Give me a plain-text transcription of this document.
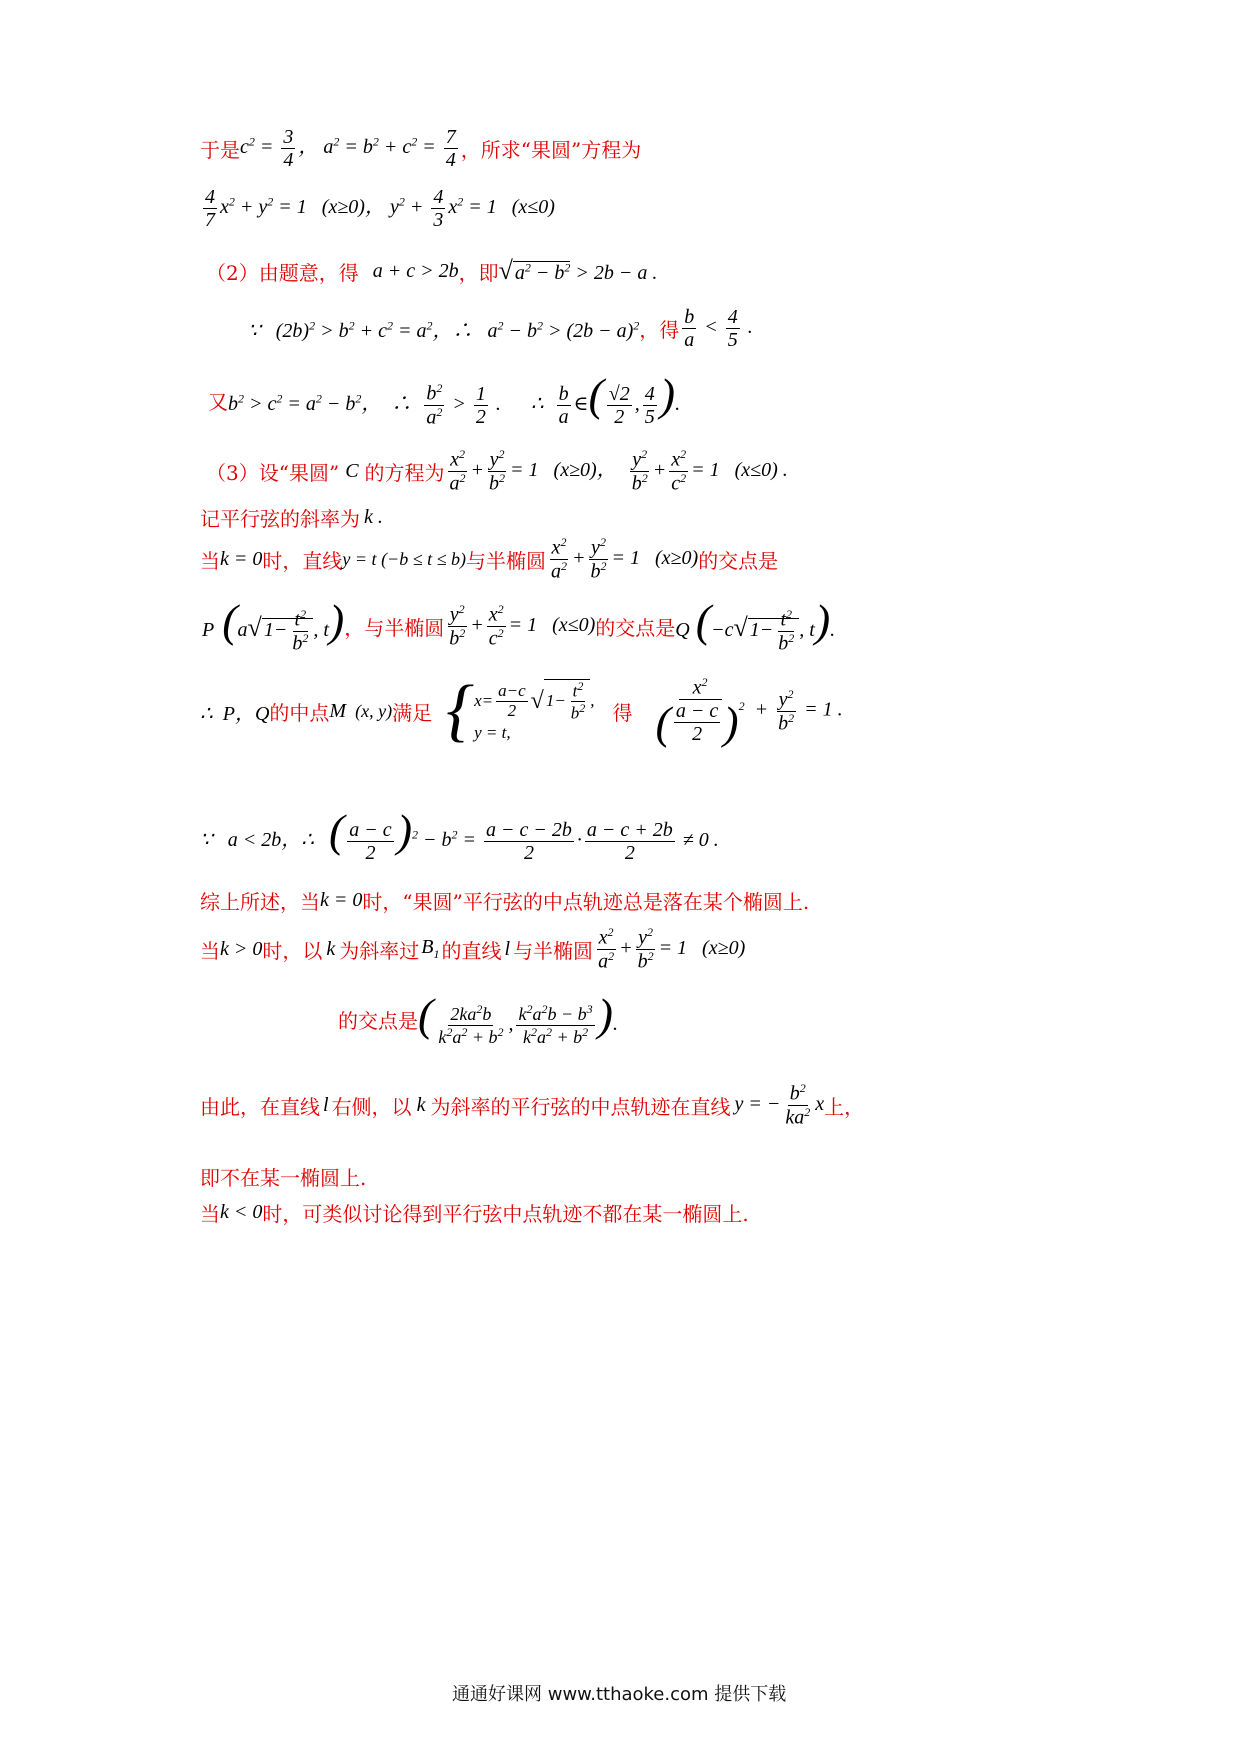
于是 $c^2 = \frac{3}{4}$ ， $a^2 = b^2 + c^2 = \frac{7}{4}$ ，所求“果圆”方程为
$\frac{4}{7} x^2 + y^2 = 1$   (x≥0)， $y^2 + \frac{4}{3} x^2 = 1$   (x≤0)
（2）由题意，得 a + c > 2b ，即 √ $a^2 - b^2 > 2b - a$ .
∵   $(2b)^2 > b^2 + c^2 = a^2$，∴   $a^2 - b^2 > (2b - a)^2$ ，得 $\frac{b}{a} < \frac{4}{5}$ .
又 $b^2 > c^2 = a^2 - b^2$，  ∴ $\frac{b^2}{a^2} > \frac{1}{2}$ .      ∴ $\frac{b}{a}$ ∈( $\frac{√2}{2}$ , $\frac{4}{5}$ ).
（3）设“果圆” C 的方程为 $\frac{x^2}{a^2} + \frac{y^2}{b^2} = 1$   (x≥0)， $\frac{y^2}{b^2} + \frac{x^2}{c^2} = 1$   (x≤0) .
记平行弦的斜率为 k .
当 k = 0 时，直线 y = t (−b ≤ t ≤ b) 与半椭圆 $\frac{x^2}{a^2} + \frac{y^2}{b^2} = 1$   (x≥0) 的交点是
P (a√ $1- \frac{t^2}{b^2}$ , t) ，与半椭圆 $\frac{y^2}{b^2} + \frac{x^2}{c^2} = 1$   (x≤0) 的交点是 Q (−c√ $1- \frac{t^2}{b^2}$ , t).
∴  P，Q 的中点 M  (x, y) 满足 { $x = \frac{a-c}{2}$ √ $1- \frac{t^2}{b^2}$ ,
y = t,
得 $\frac{x^2}{( \frac{a - c}{2} )^2} + \frac{y^2}{b^2} = 1$ .
∵   a < 2b，∴   ( $\frac{a - c}{2} )^2 - b^2 = \frac{a - c - 2b}{2} \cdot \frac{a - c + 2b}{2} \ne 0$ .
综上所述，当 k = 0 时，“果圆”平行弦的中点轨迹总是落在某个椭圆上.
当 k > 0 时，以 k 为斜率过 $B_1$ 的直线 l 与半椭圆 $\frac{x^2}{a^2} + \frac{y^2}{b^2} = 1$   (x≥0)
的交点是 ( $\frac{2ka^2b}{k^2a^2 + b^2}$ , $\frac{k^2a^2b - b^3}{k^2a^2 + b^2}$ ).
由此，在直线 l 右侧，以 k 为斜率的平行弦的中点轨迹在直线 y = − $\frac{b^2}{ka^2}$ x 上，
即不在某一椭圆上.
当 k < 0 时，可类似讨论得到平行弦中点轨迹不都在某一椭圆上.
通通好课网 www.tthaoke.com 提供下载
